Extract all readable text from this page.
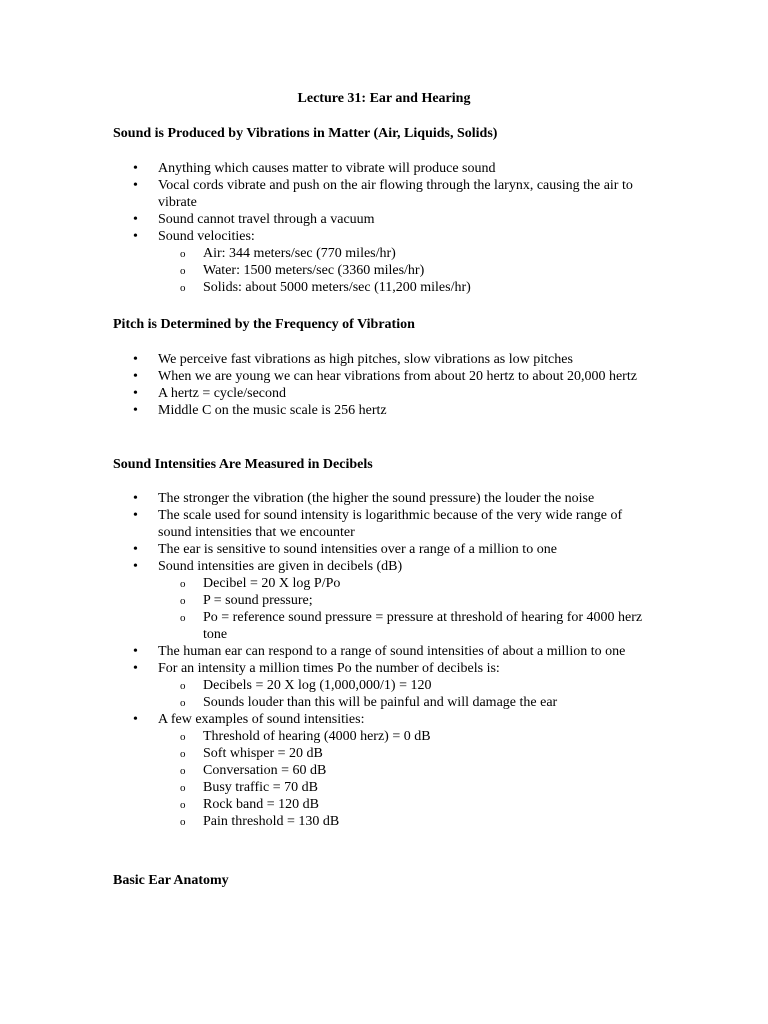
Lecture 31: Ear and Hearing
Sound is Produced by Vibrations in Matter (Air, Liquids, Solids)
•	Anything which causes matter to vibrate will produce sound
•	Vocal cords vibrate and push on the air flowing through the larynx, causing the air to vibrate
•	Sound cannot travel through a vacuum
•	Sound velocities:
o Air: 344 meters/sec (770 miles/hr)
o Water: 1500 meters/sec (3360 miles/hr)
o Solids: about 5000 meters/sec (11,200 miles/hr)
Pitch is Determined by the Frequency of Vibration
•	We perceive fast vibrations as high pitches, slow vibrations as low pitches
•	When we are young we can hear vibrations from about 20 hertz to about 20,000 hertz
•	A hertz = cycle/second
•	Middle C on the music scale is 256 hertz
Sound Intensities Are Measured in Decibels
•	The stronger the vibration (the higher the sound pressure) the louder the noise
•	The scale used for sound intensity is logarithmic because of the very wide range of sound intensities that we encounter
•	The ear is sensitive to sound intensities over a range of a million to one
•	Sound intensities are given in decibels (dB)
o Decibel = 20 X log P/Po
o P = sound pressure;
o Po = reference sound pressure = pressure at threshold of hearing for 4000 herz tone
•	The human ear can respond to a range of sound intensities of about a million to one
•	For an intensity a million times Po the number of decibels is:
o Decibels = 20 X log (1,000,000/1) = 120
o Sounds louder than this will be painful and will damage the ear
•	A few examples of sound intensities:
o Threshold of hearing (4000 herz) = 0 dB
o Soft whisper = 20 dB
o Conversation = 60 dB
o Busy traffic = 70 dB
o Rock band = 120 dB
o Pain threshold = 130 dB
Basic Ear Anatomy
